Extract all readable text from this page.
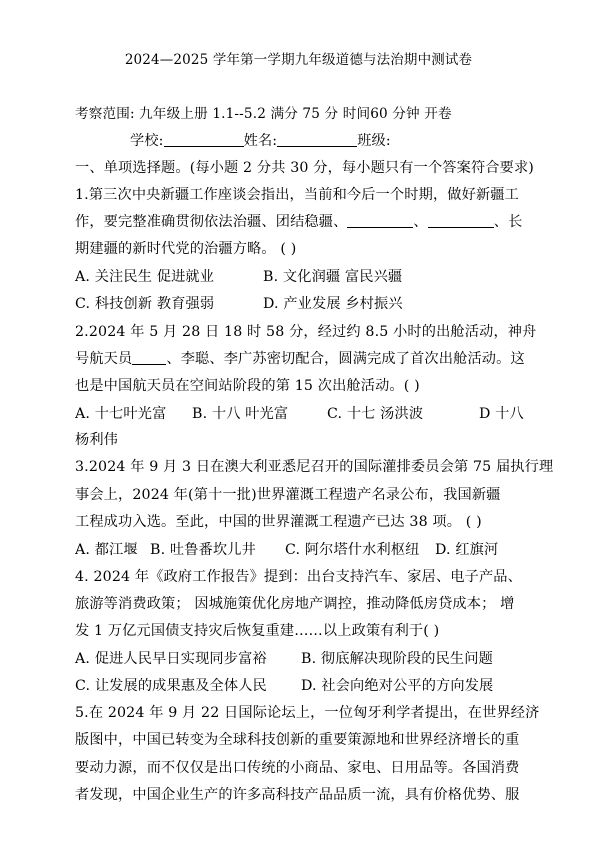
2024—2025 学年第一学期九年级道德与法治期中测试卷
考察范围: 九年级上册 1.1--5.2 满分 75 分 时间60 分钟 开卷
学校:	姓名:	班级:
一、单项选择题。(每小题 2 分共 30 分，每小题只有一个答案符合要求)
1.第三次中央新疆工作座谈会指出，当前和今后一个时期，做好新疆工
作，要完整准确贯彻依法治疆、团结稳疆、	、	、长
期建疆的新时代党的治疆方略。 ( )
A. 关注民生 促进就业	B. 文化润疆 富民兴疆
C. 科技创新 教育强弱	D. 产业发展 乡村振兴
2.2024 年 5 月 28 日 18 时 58 分，经过约 8.5 小时的出舱活动，神舟
号航天员 、李聪、李广苏密切配合，圆满完成了首次出舱活动。这
也是中国航天员在空间站阶段的第 15 次出舱活动。( )
A. 十七叶光富 B. 十八 叶光富	C. 十七 汤洪波	D 十八
杨利伟
3.2024 年 9 月 3 日在澳大利亚悉尼召开的国际灌排委员会第 75 届执行理
事会上，2024 年(第十一批)世界灌溉工程遗产名录公布，我国新疆
工程成功入选。至此，中国的世界灌溉工程遗产已达 38 项。 ( )
A. 都江堰 B. 吐鲁番坎儿井 C. 阿尔塔什水利枢纽 D. 红旗河
4. 2024 年《政府工作报告》提到：出台支持汽车、家居、电子产品、
旅游等消费政策； 因城施策优化房地产调控，推动降低房贷成本； 增
发 1 万亿元国债支持灾后恢复重建……以上政策有利于( )
A. 促进人民早日实现同步富裕 B. 彻底解决现阶段的民生问题
C. 让发展的成果惠及全体人民 D. 社会向绝对公平的方向发展
5.在 2024 年 9 月 22 日国际论坛上，一位匈牙利学者提出，在世界经济
版图中，中国已转变为全球科技创新的重要策源地和世界经济增长的重
要动力源，而不仅仅是出口传统的小商品、家电、日用品等。各国消费
者发现，中国企业生产的许多高科技产品品质一流，具有价格优势、服
